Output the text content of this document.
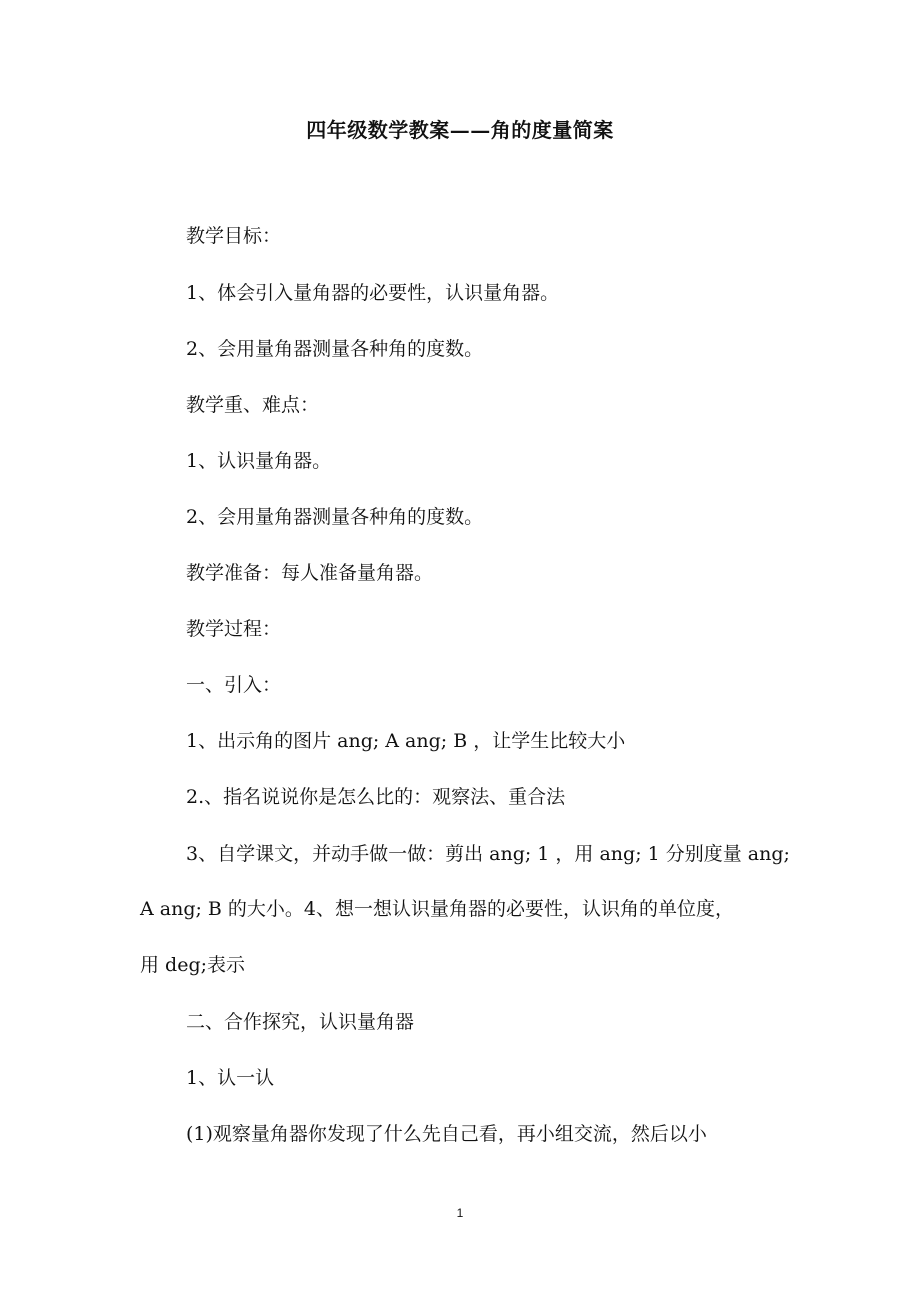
四年级数学教案——角的度量简案
教学目标：
1、体会引入量角器的必要性，认识量角器。
2、会用量角器测量各种角的度数。
教学重、难点：
1、认识量角器。
2、会用量角器测量各种角的度数。
教学准备：每人准备量角器。
教学过程：
一、引入：
1、出示角的图片 ang; A ang; B ，让学生比较大小
2.、指名说说你是怎么比的：观察法、重合法
3、自学课文，并动手做一做：剪出 ang; 1 ，用 ang; 1 分别度量 ang;
A ang; B 的大小。4、想一想认识量角器的必要性，认识角的单位度，
用 deg;表示
二、合作探究，认识量角器
1、认一认
(1)观察量角器你发现了什么先自己看，再小组交流，然后以小
1
